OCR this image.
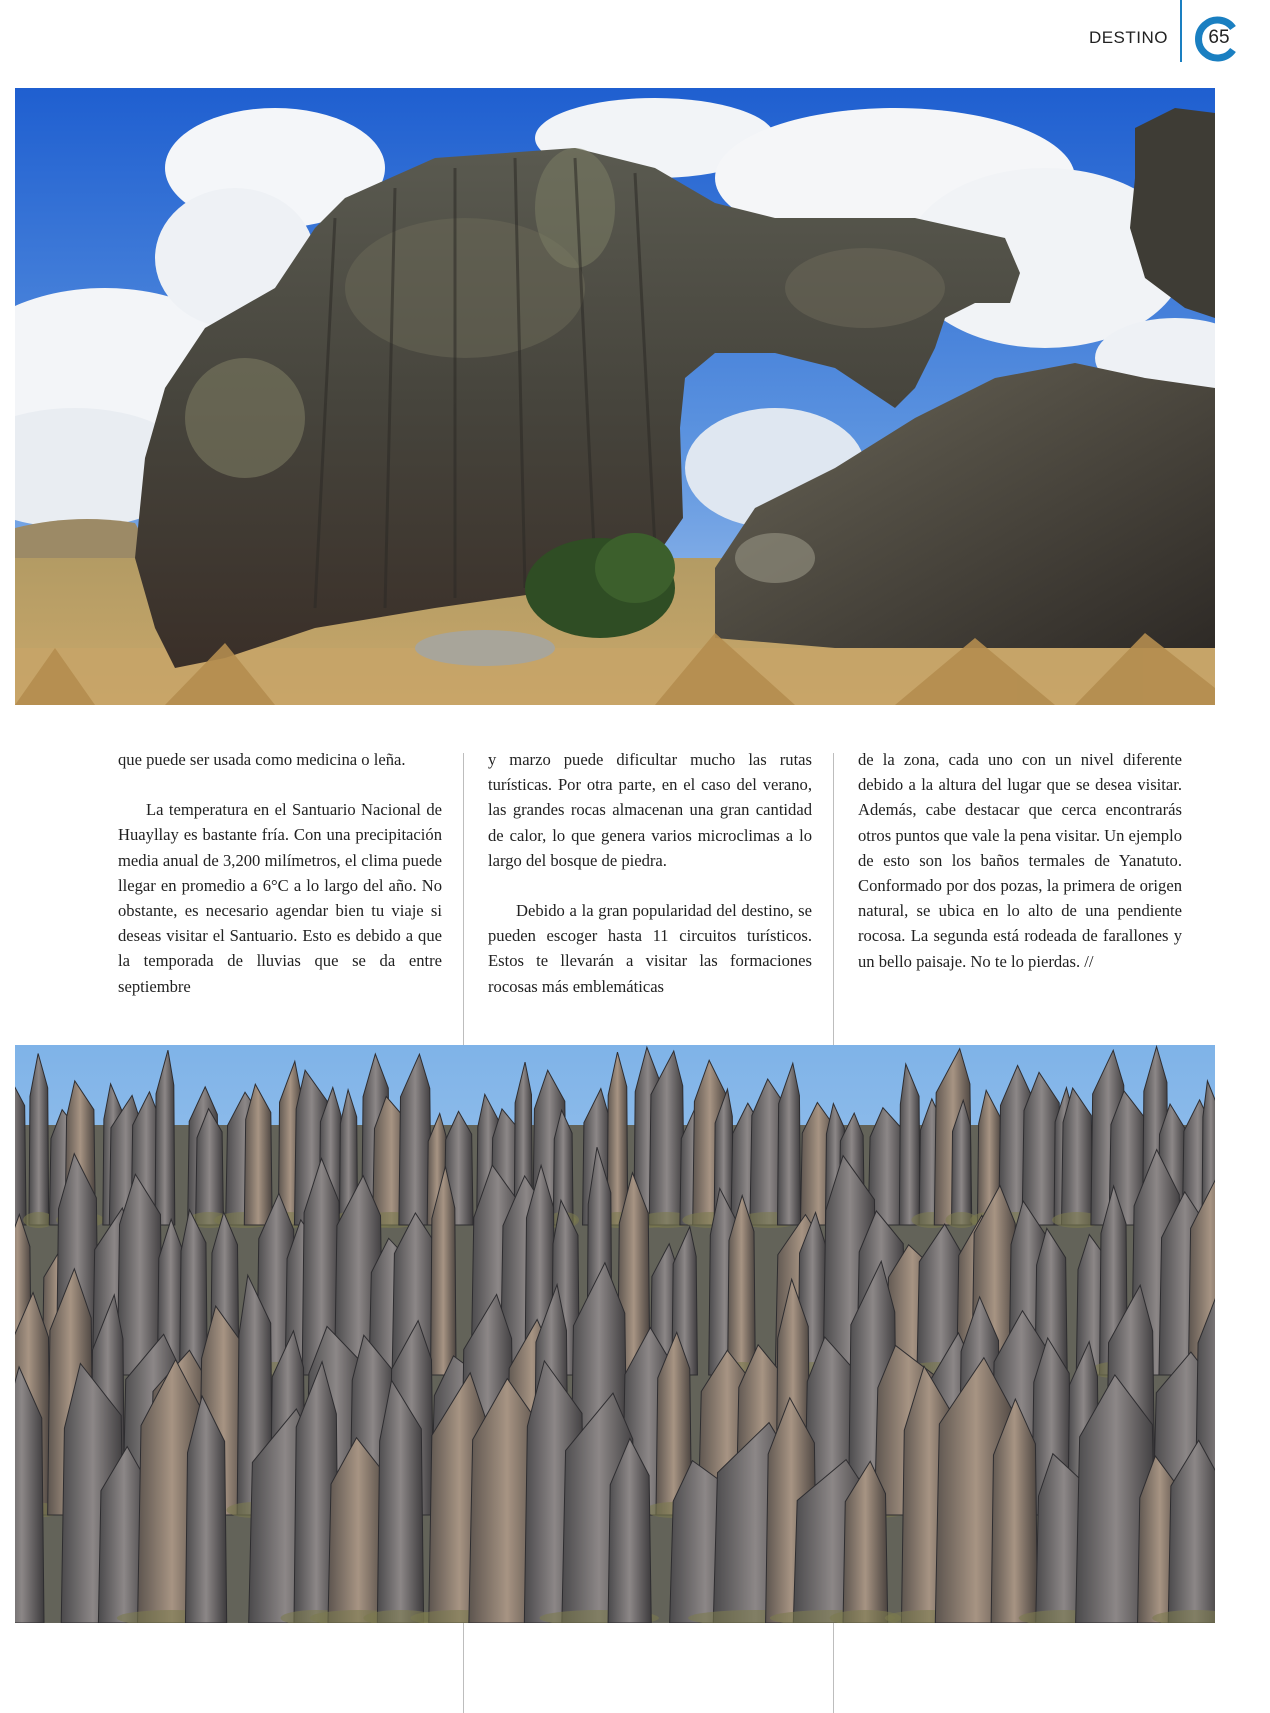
DESTINO 65

que puede ser usada como medicina o leña.

La temperatura en el Santuario Nacional de Huayllay es bastante fría. Con una precipitación media anual de 3,200 milímetros, el clima puede llegar en promedio a 6°C a lo largo del año. No obstante, es necesario agendar bien tu viaje si deseas visitar el Santuario. Esto es debido a que la temporada de lluvias que se da entre septiembre

y marzo puede dificultar mucho las rutas turísticas. Por otra parte, en el caso del verano, las grandes rocas almacenan una gran cantidad de calor, lo que genera varios microclimas a lo largo del bosque de piedra.

Debido a la gran popularidad del destino, se pueden escoger hasta 11 circuitos turísticos. Estos te llevarán a visitar las formaciones rocosas más emblemáticas

de la zona, cada uno con un nivel diferente debido a la altura del lugar que se desea visitar. Además, cabe destacar que cerca encontrarás otros puntos que vale la pena visitar. Un ejemplo de esto son los baños termales de Yanatuto. Conformado por dos pozas, la primera de origen natural, se ubica en lo alto de una pendiente rocosa. La segunda está rodeada de farallones y un bello paisaje. No te lo pierdas. //
